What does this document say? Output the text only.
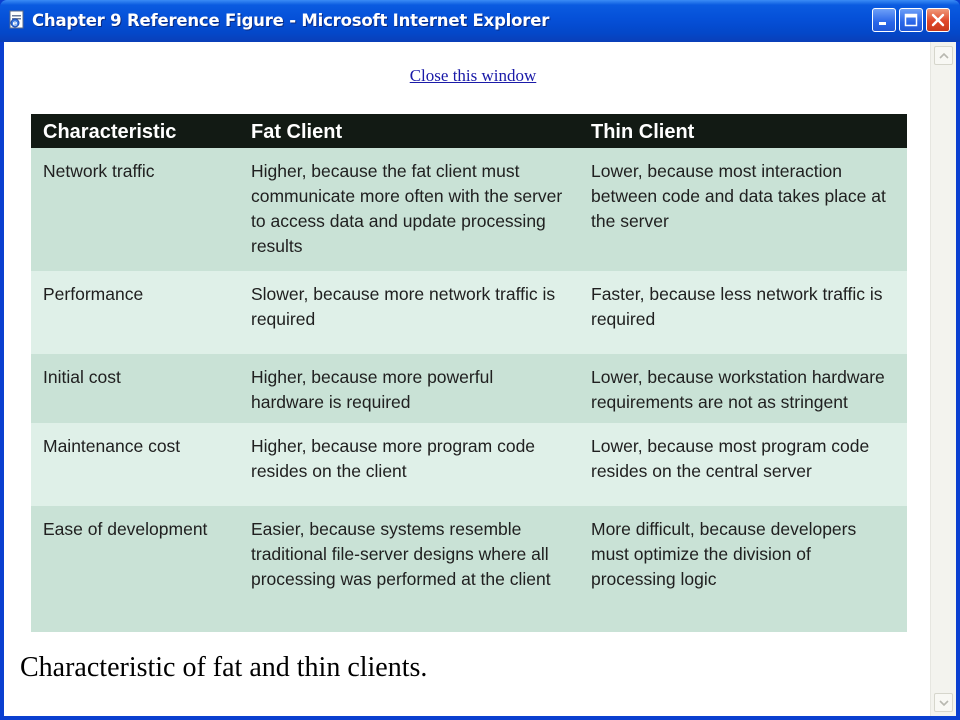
e Chapter 9 Reference Figure - Microsoft Internet Explorer
Close this window
Characteristic	Fat Client	Thin Client
Network traffic	Higher, because the fat client must communicate more often with the server to access data and update processing results	Lower, because most interaction between code and data takes place at the server
Performance	Slower, because more network traffic is required	Faster, because less network traffic is required
Initial cost	Higher, because more powerful hardware is required	Lower, because workstation hardware requirements are not as stringent
Maintenance cost	Higher, because more program code resides on the client	Lower, because most program code resides on the central server
Ease of development	Easier, because systems resemble traditional file-server designs where all processing was performed at the client	More difficult, because developers must optimize the division of processing logic
Characteristic of fat and thin clients.
